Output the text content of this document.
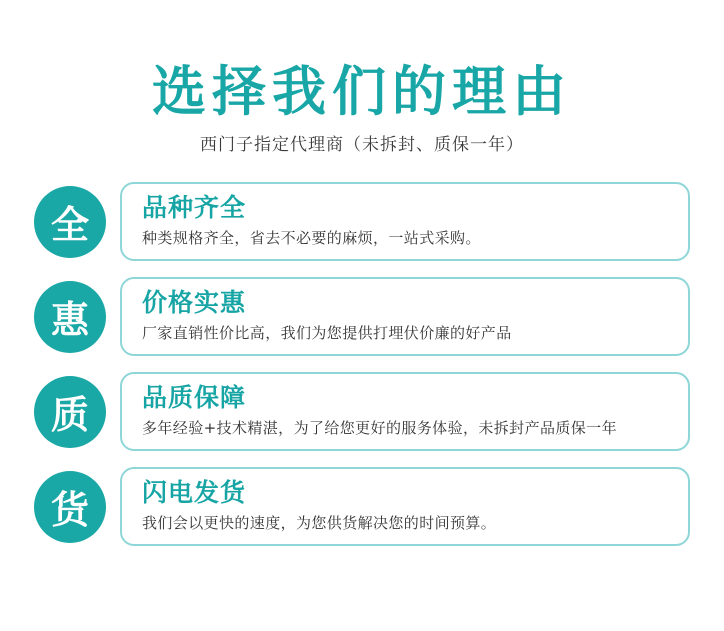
选择我们的理由
西门子指定代理商（未拆封、质保一年）
全	品种齐全
种类规格齐全，省去不必要的麻烦，一站式采购。
惠	价格实惠
厂家直销性价比高，我们为您提供打埋伏价廉的好产品
质	品质保障
多年经验+技术精湛，为了给您更好的服务体验，未拆封产品质保一年
货	闪电发货
我们会以更快的速度，为您供货解决您的时间预算。
